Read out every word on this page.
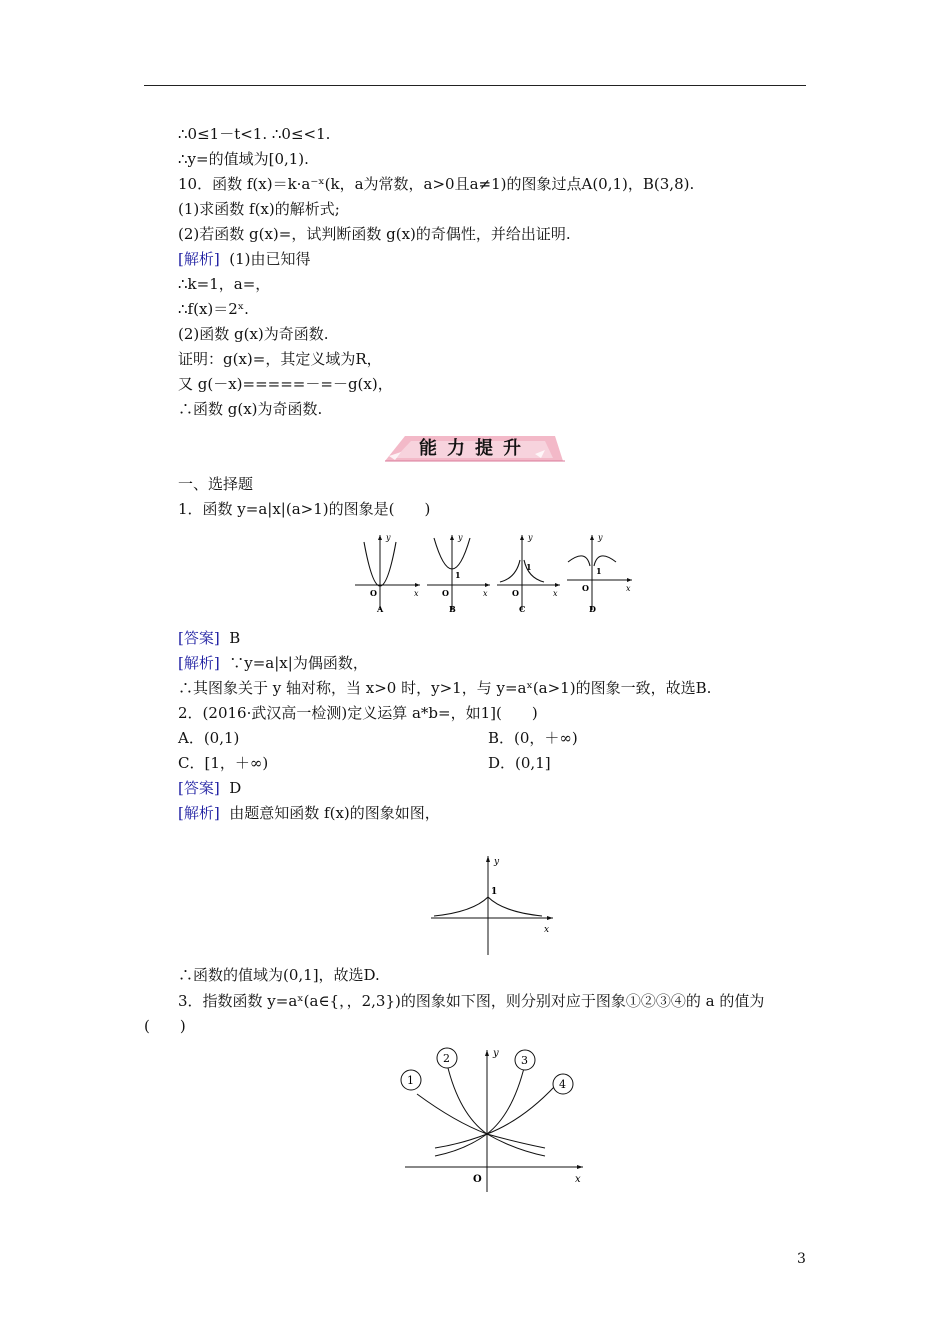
∴0≤1－t<1. ∴0≤<1.
∴y=的值域为[0,1).
10．函数 f(x)＝k·a⁻ˣ(k，a为常数，a>0且a≠1)的图象过点A(0,1)，B(3,8).
(1)求函数 f(x)的解析式;
(2)若函数 g(x)=，试判断函数 g(x)的奇偶性，并给出证明.
[解析] (1)由已知得
∴k=1，a=，
∴f(x)＝2ˣ.
(2)函数 g(x)为奇函数.
证明：g(x)=，其定义域为R，
又 g(－x)=====－=－g(x)，
∴函数 g(x)为奇函数.
能力提升
一、选择题
1．函数 y=a|x|(a>1)的图象是(　　)
y
x
O
A
y
x
O
1
B
y
x
O
1
C
y
x
O
1
D
[答案] B
[解析] ∵y=a|x|为偶函数，
∴其图象关于 y 轴对称，当 x>0 时，y>1，与 y=aˣ(a>1)的图象一致，故选B.
2．(2016·武汉高一检测)定义运算 a*b=，如1](　　)
A．(0,1)	B．(0，＋∞)
C．[1，＋∞)	D．(0,1]
[答案] D
[解析] 由题意知函数 f(x)的图象如图，
y
x
1
∴函数的值域为(0,1]，故选D.
3．指数函数 y=aˣ(a∈{，，2,3})的图象如下图，则分别对应于图象①②③④的 a 的值为
(　　)
1
2	3
4
y
x
O
3
